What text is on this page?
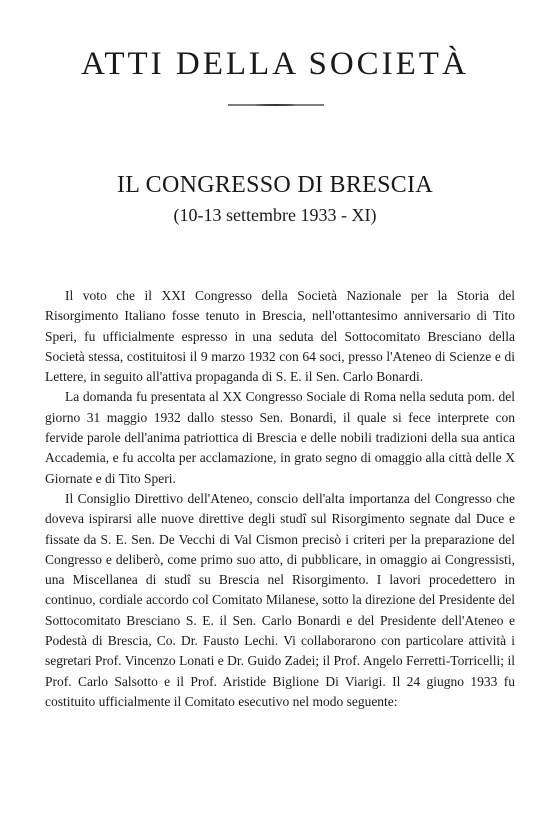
ATTI DELLA SOCIETÀ
IL CONGRESSO DI BRESCIA

(10-13 settembre 1933 - XI)

Il voto che il XXI Congresso della Società Nazionale per la Storia del Risorgimento Italiano fosse tenuto in Brescia, nell'ottantesimo anniversario di Tito Speri, fu ufficialmente espresso in una seduta del Sottocomitato Bresciano della Società stessa, costituitosi il 9 marzo 1932 con 64 soci, presso l'Ateneo di Scienze e di Lettere, in seguito all'attiva propaganda di S. E. il Sen. Carlo Bonardi.

La domanda fu presentata al XX Congresso Sociale di Roma nella seduta pom. del giorno 31 maggio 1932 dallo stesso Sen. Bonardi, il quale si fece interprete con fervide parole dell'anima patriottica di Brescia e delle nobili tradizioni della sua antica Accademia, e fu accolta per acclamazione, in grato segno di omaggio alla città delle X Giornate e di Tito Speri.

Il Consiglio Direttivo dell'Ateneo, conscio dell'alta importanza del Congresso che doveva ispirarsi alle nuove direttive degli studî sul Risorgimento segnate dal Duce e fissate da S. E. Sen. De Vecchi di Val Cismon precisò i criteri per la preparazione del Congresso e deliberò, come primo suo atto, di pubblicare, in omaggio ai Congressisti, una Miscellanea di studî su Brescia nel Risorgimento. I lavori procedettero in continuo, cordiale accordo col Comitato Milanese, sotto la direzione del Presidente del Sottocomitato Bresciano S. E. il Sen. Carlo Bonardi e del Presidente dell'Ateneo e Podestà di Brescia, Co. Dr. Fausto Lechi. Vi collaborarono con particolare attività i segretari Prof. Vincenzo Lonati e Dr. Guido Zadei; il Prof. Angelo Ferretti-Torricelli; il Prof. Carlo Salsotto e il Prof. Aristide Biglione Di Viarigi. Il 24 giugno 1933 fu costituito ufficialmente il Comitato esecutivo nel modo seguente:
